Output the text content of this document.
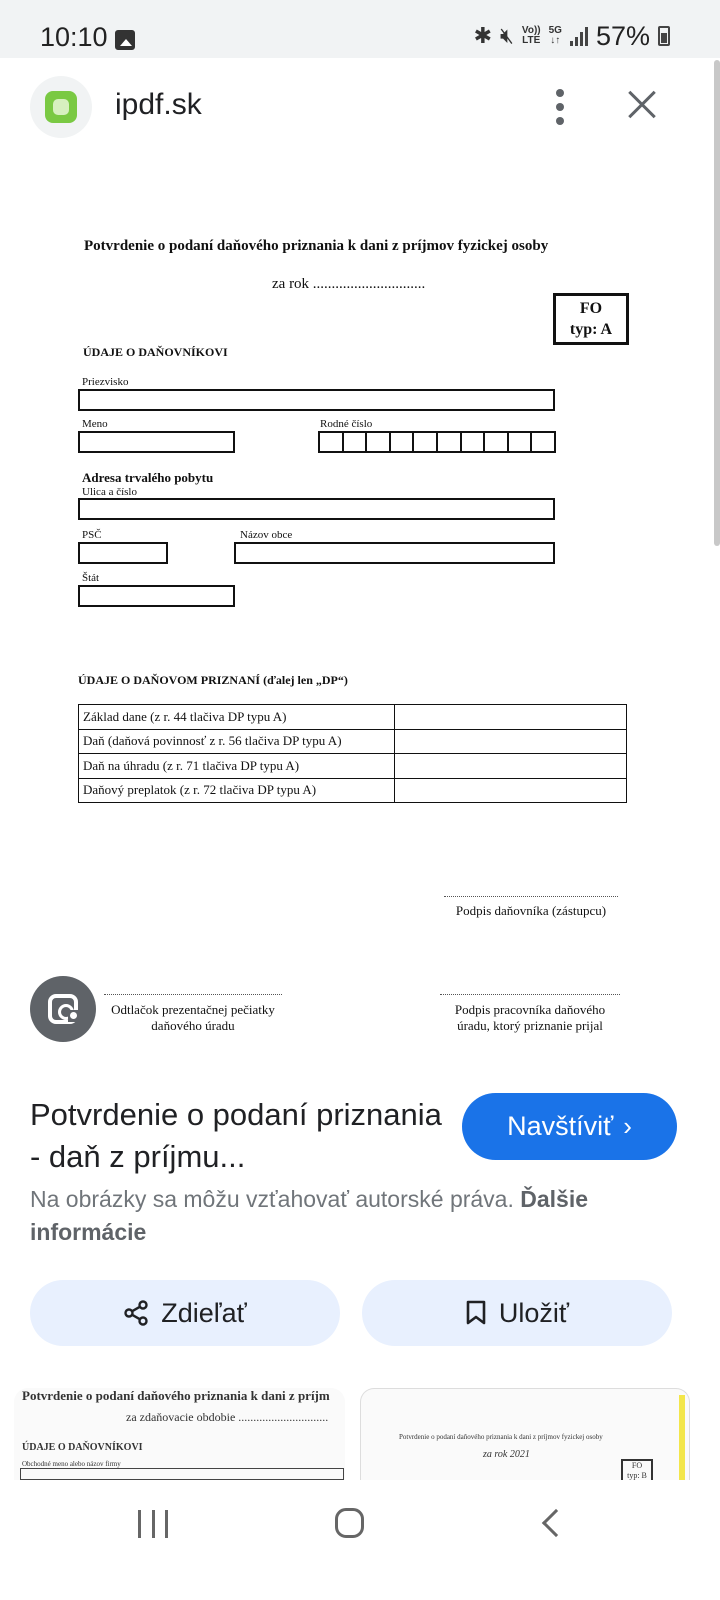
10:10	✱ 🔇︎ Vo))
LTE
5G
↓↑ 57%
ipdf.sk
Potvrdenie o podaní daňového priznania k dani z príjmov fyzickej osoby
za rok ..............................
FO
typ: A
ÚDAJE O DAŇOVNÍKOVI
Priezvisko
Meno	Rodné číslo
Adresa trvalého pobytu
Ulica a číslo
PSČ	Názov obce
Štát
ÚDAJE O DAŇOVOM PRIZNANÍ (ďalej len „DP“)
Základ dane (z r. 44 tlačiva DP typu A)	
Daň (daňová povinnosť z r. 56 tlačiva DP typu A)	
Daň na úhradu (z r. 71 tlačiva DP typu A)	
Daňový preplatok (z r. 72 tlačiva DP typu A)	
Podpis daňovníka (zástupcu)
Odtlačok prezentačnej pečiatky
daňového úradu
Podpis pracovníka daňového
úradu, ktorý priznanie prijal
Potvrdenie o podaní priznania - daň z príjmu...
Navštíviť ›
Na obrázky sa môžu vzťahovať autorské práva. Ďalšie informácie
Zdieľať	Uložiť
Potvrdenie o podaní daňového priznania k dani z príjm
za zdaňovacie obdobie ..............................
ÚDAJE O DAŇOVNÍKOVI
Obchodné meno alebo názov firmy
Potvrdenie o podaní daňového priznania k dani z príjmov fyzickej osoby
za rok 2021
FO
typ: B
